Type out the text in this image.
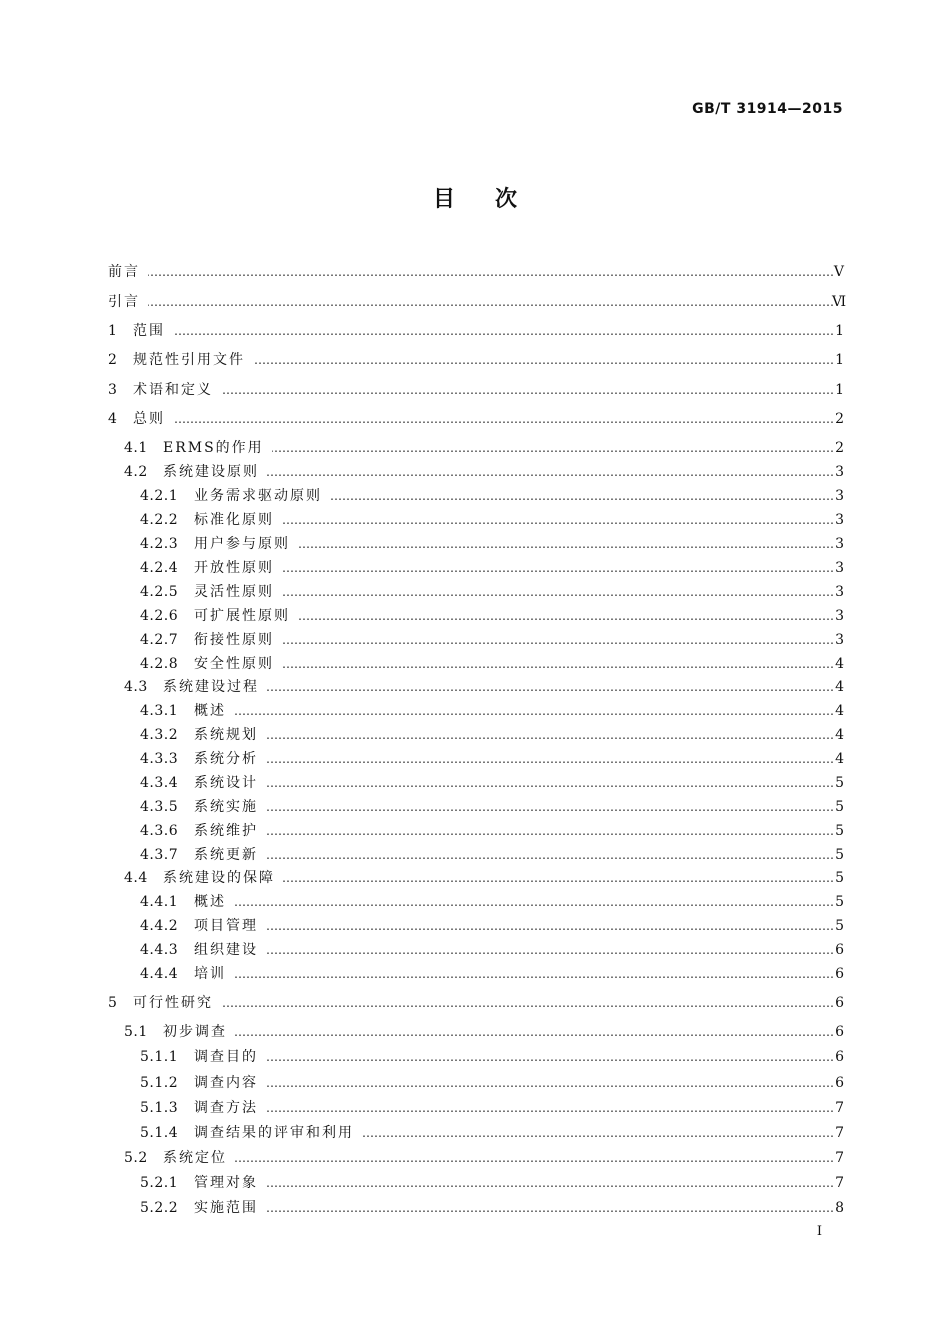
GB/T 31914—2015
目次
……………………………………………………………………………………………………………………………………………………………………………………………………
前言	Ⅴ
……………………………………………………………………………………………………………………………………………………………………………………………………
引言	Ⅵ
1 …………………………………………………………………………………………………………………………………………………………………………………………………… 范围	1
2 …………………………………………………………………………………………………………………………………………………………………………………………………… 规范性引用文件	1
3 …………………………………………………………………………………………………………………………………………………………………………………………………… 术语和定义	1
4 …………………………………………………………………………………………………………………………………………………………………………………………………… 总则	2
4.1 …………………………………………………………………………………………………………………………………………………………………………………………………… ERMS的作用	2
4.2 …………………………………………………………………………………………………………………………………………………………………………………………………… 系统建设原则	3
4.2.1 …………………………………………………………………………………………………………………………………………………………………………………………………… 业务需求驱动原则	3
4.2.2 …………………………………………………………………………………………………………………………………………………………………………………………………… 标准化原则	3
4.2.3 …………………………………………………………………………………………………………………………………………………………………………………………………… 用户参与原则	3
4.2.4 …………………………………………………………………………………………………………………………………………………………………………………………………… 开放性原则	3
4.2.5 …………………………………………………………………………………………………………………………………………………………………………………………………… 灵活性原则	3
4.2.6 …………………………………………………………………………………………………………………………………………………………………………………………………… 可扩展性原则	3
4.2.7 …………………………………………………………………………………………………………………………………………………………………………………………………… 衔接性原则	3
4.2.8 …………………………………………………………………………………………………………………………………………………………………………………………………… 安全性原则	4
4.3 …………………………………………………………………………………………………………………………………………………………………………………………………… 系统建设过程	4
4.3.1 …………………………………………………………………………………………………………………………………………………………………………………………………… 概述	4
4.3.2 …………………………………………………………………………………………………………………………………………………………………………………………………… 系统规划	4
4.3.3 …………………………………………………………………………………………………………………………………………………………………………………………………… 系统分析	4
4.3.4 …………………………………………………………………………………………………………………………………………………………………………………………………… 系统设计	5
4.3.5 …………………………………………………………………………………………………………………………………………………………………………………………………… 系统实施	5
4.3.6 …………………………………………………………………………………………………………………………………………………………………………………………………… 系统维护	5
4.3.7 …………………………………………………………………………………………………………………………………………………………………………………………………… 系统更新	5
4.4 …………………………………………………………………………………………………………………………………………………………………………………………………… 系统建设的保障	5
4.4.1 …………………………………………………………………………………………………………………………………………………………………………………………………… 概述	5
4.4.2 …………………………………………………………………………………………………………………………………………………………………………………………………… 项目管理	5
4.4.3 …………………………………………………………………………………………………………………………………………………………………………………………………… 组织建设	6
4.4.4 …………………………………………………………………………………………………………………………………………………………………………………………………… 培训	6
5 …………………………………………………………………………………………………………………………………………………………………………………………………… 可行性研究	6
5.1 …………………………………………………………………………………………………………………………………………………………………………………………………… 初步调查	6
5.1.1 …………………………………………………………………………………………………………………………………………………………………………………………………… 调查目的	6
5.1.2 …………………………………………………………………………………………………………………………………………………………………………………………………… 调查内容	6
5.1.3 …………………………………………………………………………………………………………………………………………………………………………………………………… 调查方法	7
5.1.4 …………………………………………………………………………………………………………………………………………………………………………………………………… 调查结果的评审和利用	7
5.2 …………………………………………………………………………………………………………………………………………………………………………………………………… 系统定位	7
5.2.1 …………………………………………………………………………………………………………………………………………………………………………………………………… 管理对象	7
5.2.2 …………………………………………………………………………………………………………………………………………………………………………………………………… 实施范围	8
Ⅰ
